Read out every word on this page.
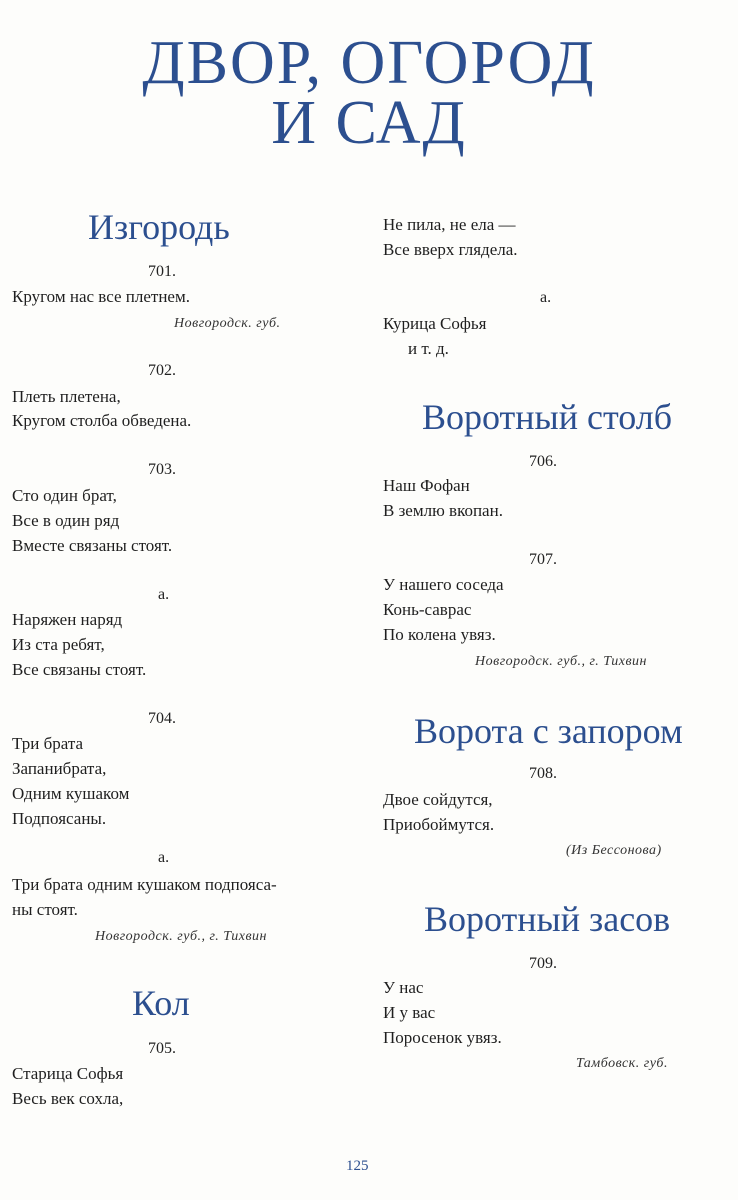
ДВОР, ОГОРОД
И САД
Изгородь
701.
Кругом нас все плетнем.
Новгородск. губ.
702.
Плеть плетена,
Кругом столба обведена.
703.
Сто один брат,
Все в один ряд
Вместе связаны стоят.
а.
Наряжен наряд
Из ста ребят,
Все связаны стоят.
704.
Три брата
Запанибрата,
Одним кушаком
Подпоясаны.
а.
Три брата одним кушаком подпояса-
ны стоят.
Новгородск. губ., г. Тихвин
Кол
705.
Старица Софья
Весь век сохла,
Не пила, не ела —
Все вверх глядела.
а.
Курица Софья
и т. д.
Воротный столб
706.
Наш Фофан
В землю вкопан.
707.
У нашего соседа
Конь-саврас
По колена увяз.
Новгородск. губ., г. Тихвин
Ворота с запором
708.
Двое сойдутся,
Приобоймутся.
(Из Бессонова)
Воротный засов
709.
У нас
И у вас
Поросенок увяз.
Тамбовск. губ.
125
